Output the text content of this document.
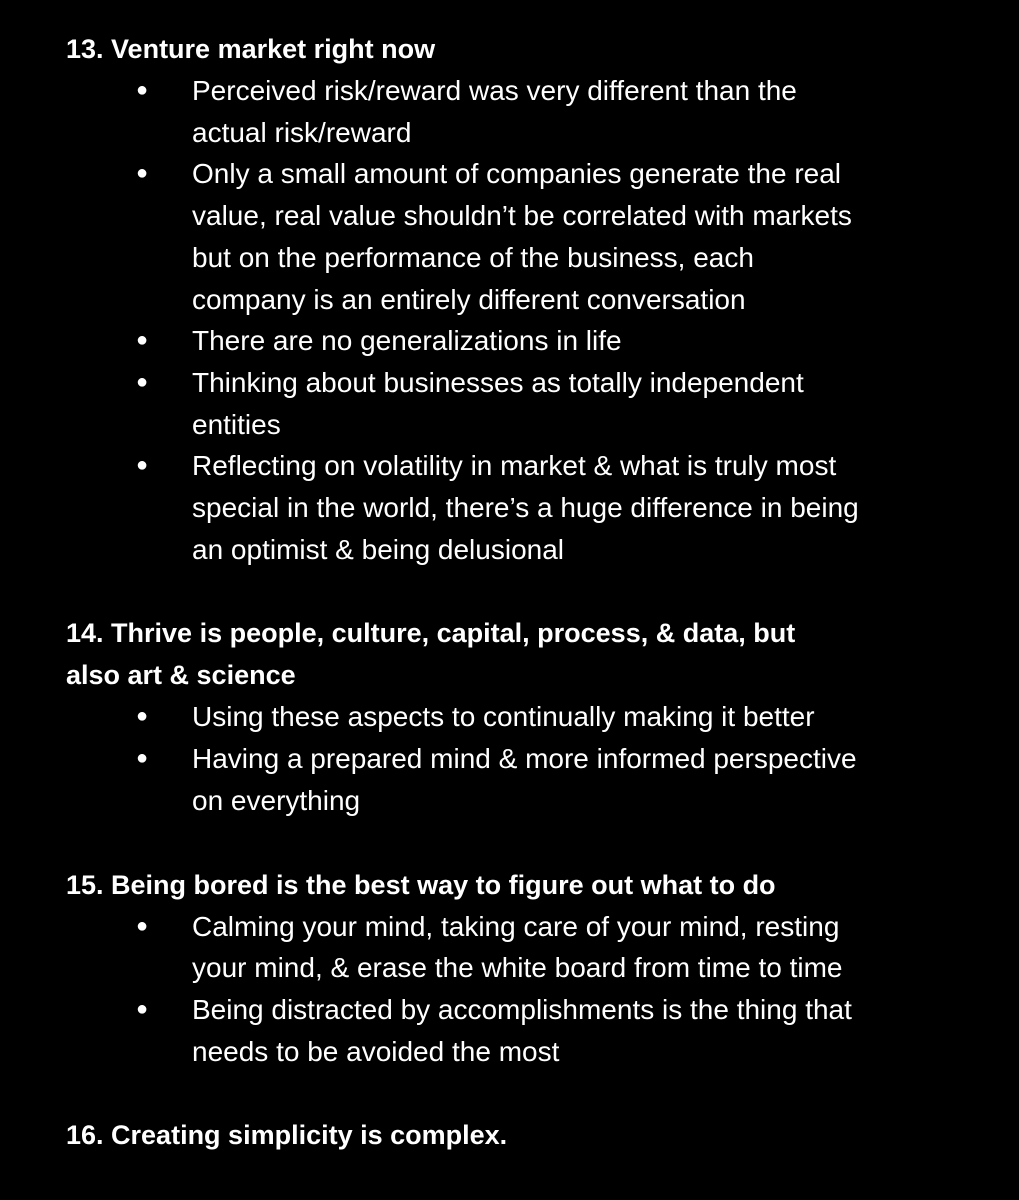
13. Venture market right now
● Perceived risk/reward was very different than the
actual risk/reward
● Only a small amount of companies generate the real
value, real value shouldn’t be correlated with markets
but on the performance of the business, each
company is an entirely different conversation
● There are no generalizations in life
● Thinking about businesses as totally independent
entities
● Reflecting on volatility in market & what is truly most
special in the world, there’s a huge difference in being
an optimist & being delusional
14. Thrive is people, culture, capital, process, & data, but
also art & science
● Using these aspects to continually making it better
● Having a prepared mind & more informed perspective
on everything
15. Being bored is the best way to figure out what to do
● Calming your mind, taking care of your mind, resting
your mind, & erase the white board from time to time
● Being distracted by accomplishments is the thing that
needs to be avoided the most
16. Creating simplicity is complex.
